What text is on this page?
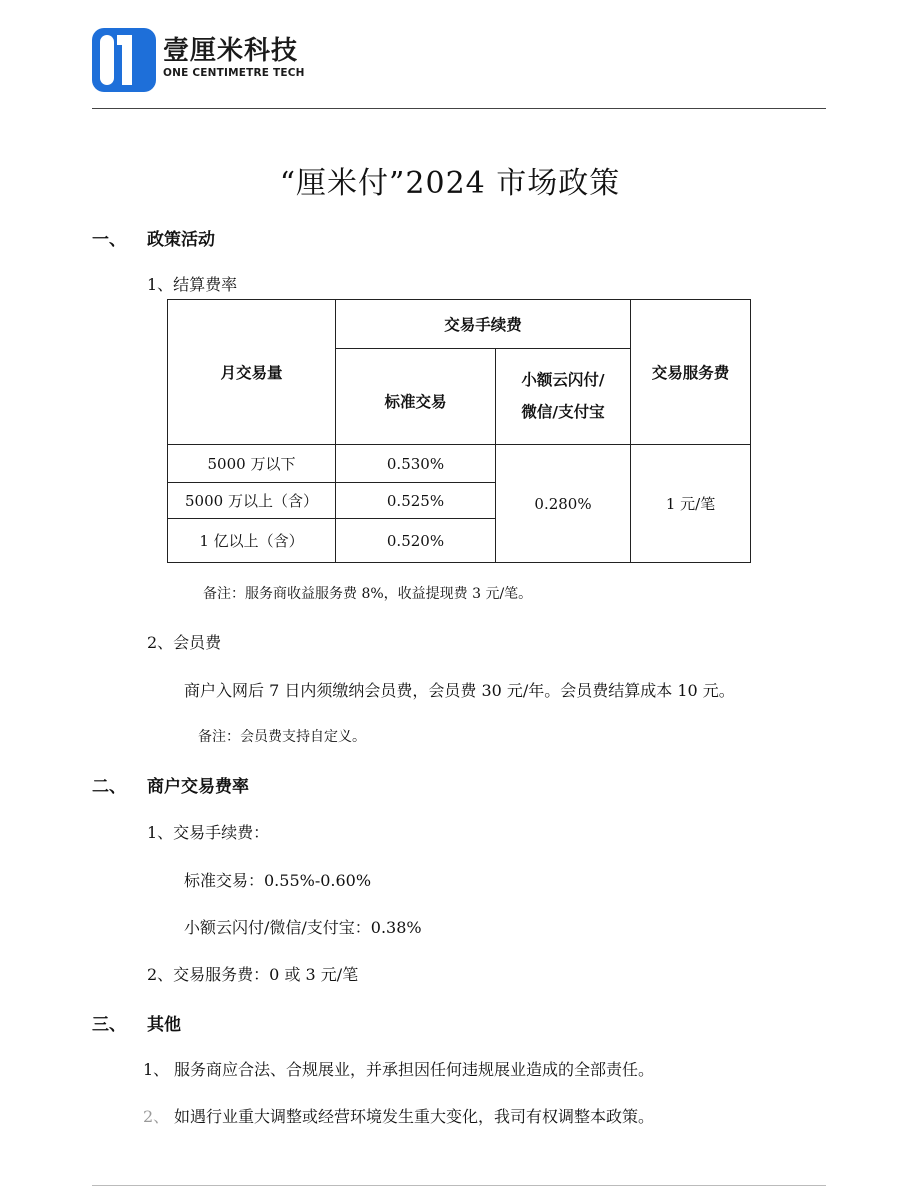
壹厘米科技
ONE CENTIMETRE TECH
“厘米付”2024 市场政策
一、 政策活动
1、结算费率
月交易量	交易手续费		交易服务费
	标准交易	小额云闪付/
微信/支付宝	

5000 万以下	0.530%	0.280%	1 元/笔
5000 万以上（含）	0.525%		
1 亿以上（含）	0.520%		
备注：服务商收益服务费 8%，收益提现费 3 元/笔。
2、会员费
商户入网后 7 日内须缴纳会员费，会员费 30 元/年。会员费结算成本 10 元。
备注：会员费支持自定义。
二、 商户交易费率
1、交易手续费：
标准交易：0.55%-0.60%
小额云闪付/微信/支付宝：0.38%
2、交易服务费：0 或 3 元/笔
三、 其他
1、 服务商应合法、合规展业，并承担因任何违规展业造成的全部责任。
2、 如遇行业重大调整或经营环境发生重大变化，我司有权调整本政策。
